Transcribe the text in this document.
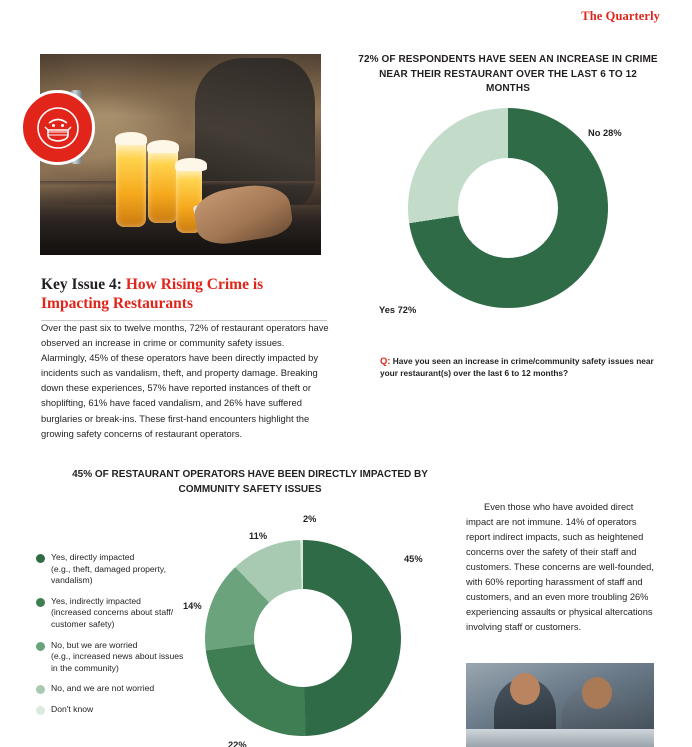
The Quarterly
Key Issue 4: How Rising Crime is
Impacting Restaurants
Over the past six to twelve months, 72% of restaurant operators have observed an increase in crime or community safety issues. Alarmingly, 45% of these operators have been directly impacted by incidents such as vandalism, theft, and property damage. Breaking down these experiences, 57% have reported instances of theft or shoplifting, 61% have faced vandalism, and 26% have suffered burglaries or break-ins. These first-hand encounters highlight the growing safety concerns of restaurant operators.
72% OF RESPONDENTS HAVE SEEN AN INCREASE IN CRIME NEAR THEIR RESTAURANT OVER THE LAST 6 TO 12 MONTHS
No 28%
Yes 72%
Q: Have you seen an increase in crime/community safety issues near your restaurant(s) over the last 6 to 12 months?
45% OF RESTAURANT OPERATORS HAVE BEEN DIRECTLY IMPACTED BY COMMUNITY SAFETY ISSUES
45%
22%
14%
11%
2%
Yes, directly impacted
(e.g., theft, damaged property,
vandalism)
Yes, indirectly impacted
(increased concerns about staff/
customer safety)
No, but we are worried
(e.g., increased news about issues
in the community)
No, and we are not worried
Don't know
Even those who have avoided direct impact are not immune. 14% of operators report indirect impacts, such as heightened concerns over the safety of their staff and customers. These concerns are well-founded, with 60% reporting harassment of staff and customers, and an even more troubling 26% experiencing assaults or physical altercations involving staff or customers.
